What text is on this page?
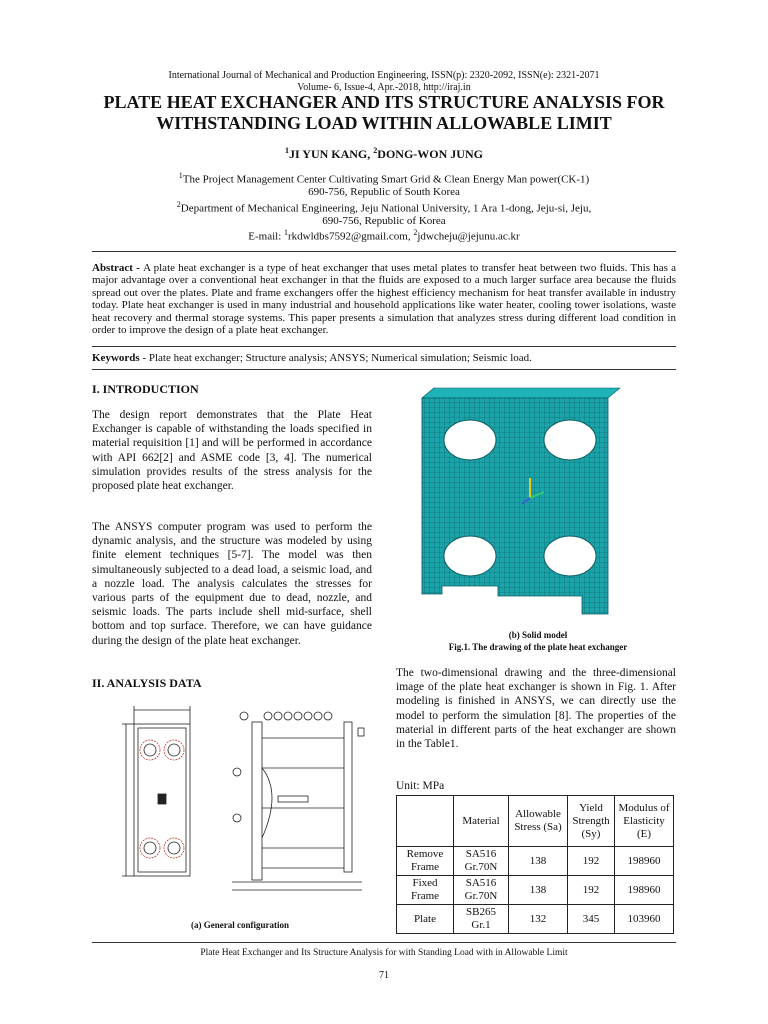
International Journal of Mechanical and Production Engineering, ISSN(p): 2320-2092, ISSN(e): 2321-2071
Volume- 6, Issue-4, Apr.-2018, http://iraj.in
PLATE HEAT EXCHANGER AND ITS STRUCTURE ANALYSIS FOR WITHSTANDING LOAD WITHIN ALLOWABLE LIMIT
$^1$JI YUN KANG, $^2$DONG-WON JUNG
$^1$The Project Management Center Cultivating Smart Grid & Clean Energy Man power(CK-1)
690-756, Republic of South Korea
$^2$Department of Mechanical Engineering, Jeju National University, 1 Ara 1-dong, Jeju-si, Jeju,
690-756, Republic of Korea
E-mail: $^1$rkdwldbs7592@gmail.com, $^2$jdwcheju@jejunu.ac.kr
Abstract - A plate heat exchanger is a type of heat exchanger that uses metal plates to transfer heat between two fluids. This has a major advantage over a conventional heat exchanger in that the fluids are exposed to a much larger surface area because the fluids spread out over the plates. Plate and frame exchangers offer the highest efficiency mechanism for heat transfer available in industry today. Plate heat exchanger is used in many industrial and household applications like water heater, cooling tower isolations, waste heat recovery and thermal storage systems. This paper presents a simulation that analyzes stress during different load condition in order to improve the design of a plate heat exchanger.
Keywords - Plate heat exchanger; Structure analysis; ANSYS; Numerical simulation; Seismic load.
I. INTRODUCTION
The design report demonstrates that the Plate Heat Exchanger is capable of withstanding the loads specified in material requisition [1] and will be performed in accordance with API 662[2] and ASME code [3, 4]. The numerical simulation provides results of the stress analysis for the proposed plate heat exchanger.
The ANSYS computer program was used to perform the dynamic analysis, and the structure was modeled by using finite element techniques [5-7]. The model was then simultaneously subjected to a dead load, a seismic load, and a nozzle load. The analysis calculates the stresses for various parts of the equipment due to dead, nozzle, and seismic loads. The parts include shell mid-surface, shell bottom and top surface. Therefore, we can have guidance during the design of the plate heat exchanger.
II. ANALYSIS DATA
(a) General configuration
(b) Solid model
Fig.1. The drawing of the plate heat exchanger
The two-dimensional drawing and the three-dimensional image of the plate heat exchanger is shown in Fig. 1. After modeling is finished in ANSYS, we can directly use the model to perform the simulation [8]. The properties of the material in different parts of the heat exchanger are shown in the Table1.
Unit: MPa
	Material	Allowable Stress (Sa)	Yield Strength (Sy)	Modulus of Elasticity (E)
Remove Frame	SA516 Gr.70N	138	192	198960
Fixed Frame	SA516 Gr.70N	138	192	198960
Plate	SB265 Gr.1	132	345	103960
Plate Heat Exchanger and Its Structure Analysis for with Standing Load with in Allowable Limit
71
